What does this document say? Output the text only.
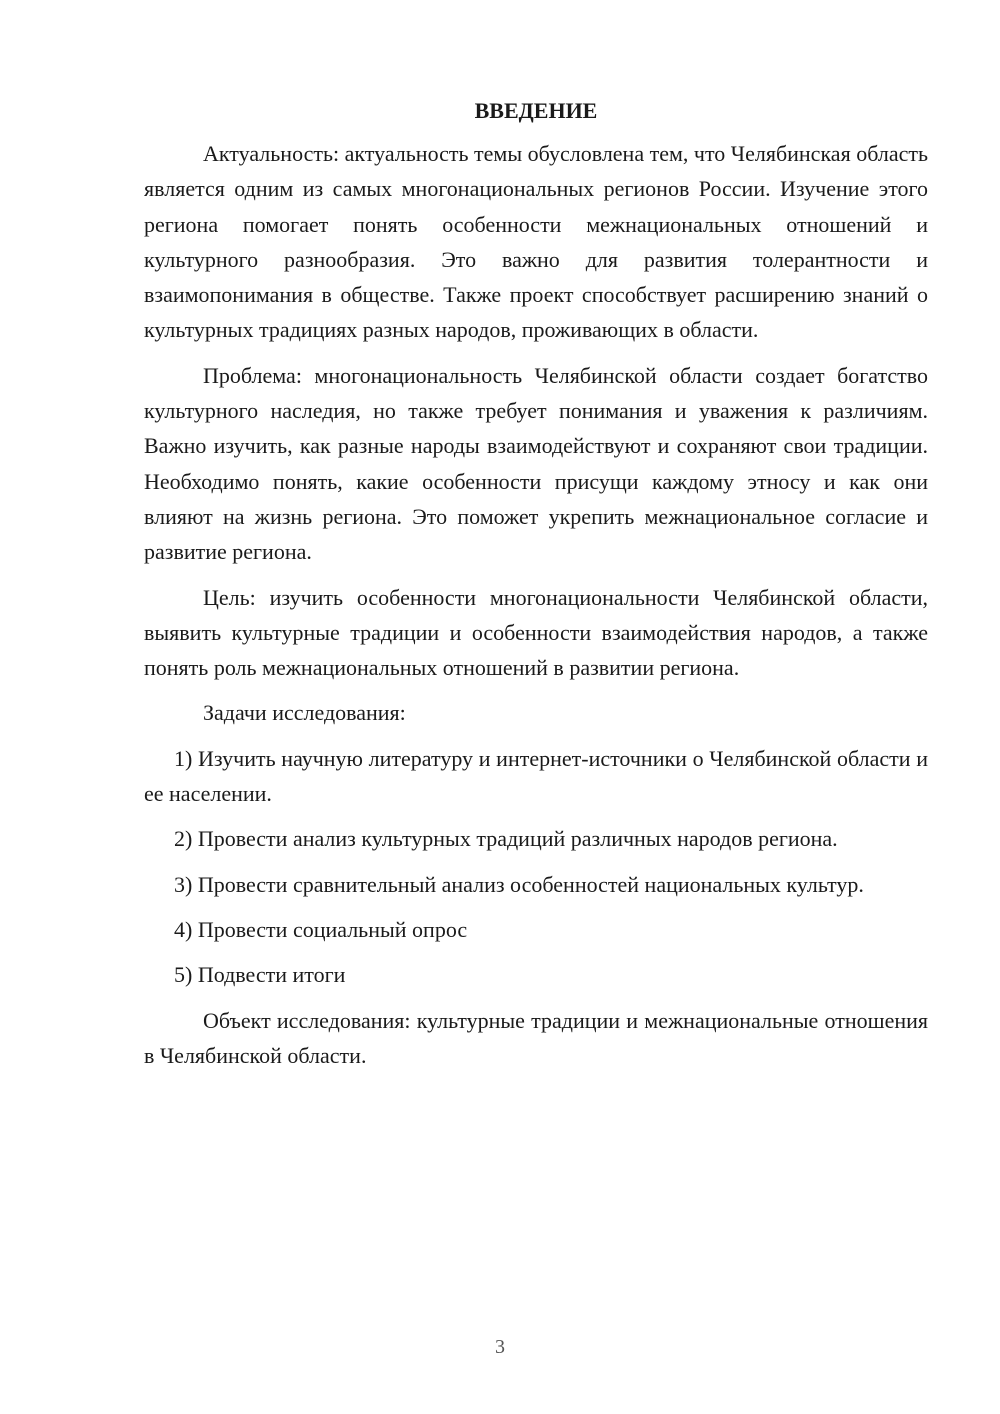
ВВЕДЕНИЕ

Актуальность: актуальность темы обусловлена тем, что Челябинская область является одним из самых многонациональных регионов России. Изучение этого региона помогает понять особенности межнациональных отношений и культурного разнообразия. Это важно для развития толерантности и взаимопонимания в обществе. Также проект способствует расширению знаний о культурных традициях разных народов, проживающих в области.

Проблема: многонациональность Челябинской области создает богатство культурного наследия, но также требует понимания и уважения к различиям. Важно изучить, как разные народы взаимодействуют и сохраняют свои традиции. Необходимо понять, какие особенности присущи каждому этносу и как они влияют на жизнь региона. Это поможет укрепить межнациональное согласие и развитие региона.

Цель: изучить особенности многонациональности Челябинской области, выявить культурные традиции и особенности взаимодействия народов, а также понять роль межнациональных отношений в развитии региона.

Задачи исследования:

1) Изучить научную литературу и интернет-источники о Челябинской области и ее населении.

2) Провести анализ культурных традиций различных народов региона.

3) Провести сравнительный анализ особенностей национальных культур.

4) Провести социальный опрос

5) Подвести итоги

Объект исследования: культурные традиции и межнациональные отношения в Челябинской области.

3
